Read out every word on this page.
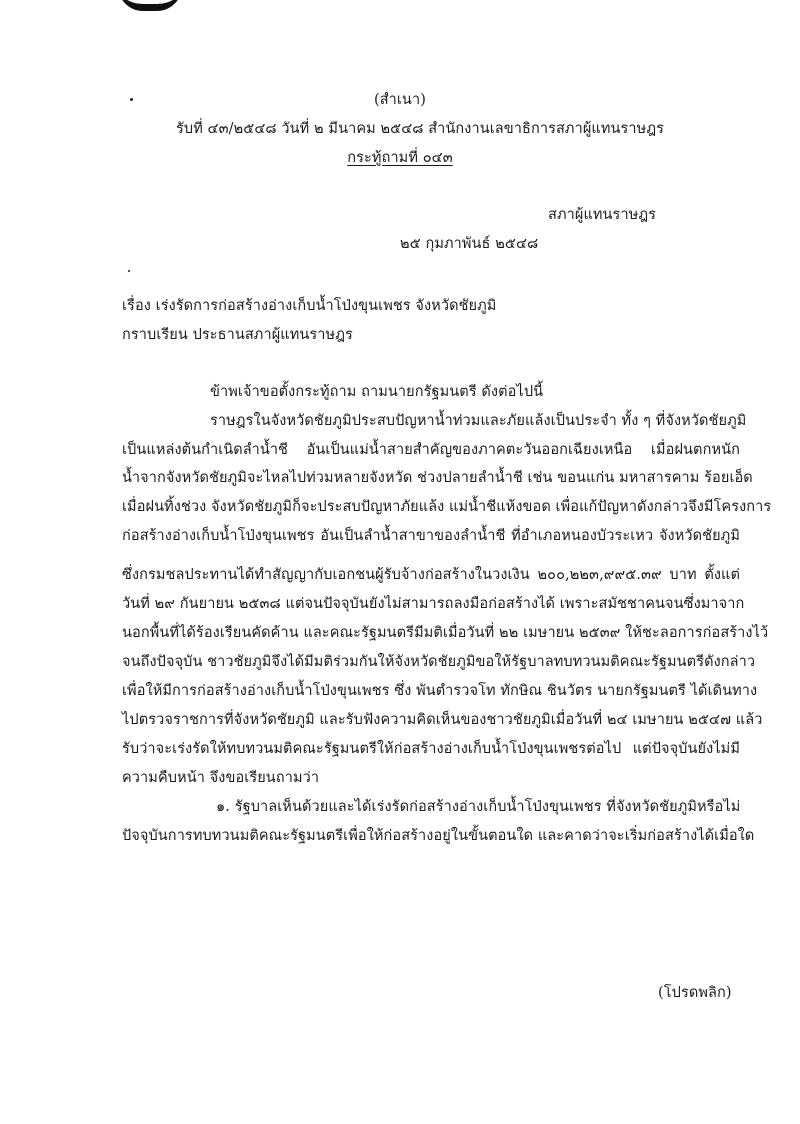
(สำเนา)
รับที่ ๔๓/๒๕๔๘ วันที่ ๒ มีนาคม ๒๕๔๘ สำนักงานเลขาธิการสภาผู้แทนราษฎร
กระทู้ถามที่ ๐๔๓
สภาผู้แทนราษฎร
๒๕ กุมภาพันธ์ ๒๕๔๘
เรื่อง เร่งรัดการก่อสร้างอ่างเก็บน้ำโป่งขุนเพชร จังหวัดชัยภูมิ
กราบเรียน ประธานสภาผู้แทนราษฎร
ข้าพเจ้าขอตั้งกระทู้ถาม ถามนายกรัฐมนตรี ดังต่อไปนี้
ราษฎรในจังหวัดชัยภูมิประสบปัญหาน้ำท่วมและภัยแล้งเป็นประจำ ทั้ง ๆ ที่จังหวัดชัยภูมิ
เป็นแหล่งต้นกำเนิดลำน้ำชี อันเป็นแม่น้ำสายสำคัญของภาคตะวันออกเฉียงเหนือ เมื่อฝนตกหนัก
น้ำจากจังหวัดชัยภูมิจะไหลไปท่วมหลายจังหวัด ช่วงปลายลำน้ำชี เช่น ขอนแก่น มหาสารคาม ร้อยเอ็ด
เมื่อฝนทิ้งช่วง จังหวัดชัยภูมิก็จะประสบปัญหาภัยแล้ง แม่น้ำชีแห้งขอด เพื่อแก้ปัญหาดังกล่าวจึงมีโครงการ
ก่อสร้างอ่างเก็บน้ำโป่งขุนเพชร อันเป็นลำน้ำสาขาของลำน้ำชี ที่อำเภอหนองบัวระเหว จังหวัดชัยภูมิ
ซึ่งกรมชลประทานได้ทำสัญญากับเอกชนผู้รับจ้างก่อสร้างในวงเงิน ๒๐๐,๒๒๓,๙๙๕.๓๙ บาท ตั้งแต่
วันที่ ๒๙ กันยายน ๒๕๓๘ แต่จนปัจจุบันยังไม่สามารถลงมือก่อสร้างได้ เพราะสมัชชาคนจนซึ่งมาจาก
นอกพื้นที่ได้ร้องเรียนคัดค้าน และคณะรัฐมนตรีมีมติเมื่อวันที่ ๒๒ เมษายน ๒๕๓๙ ให้ชะลอการก่อสร้างไว้
จนถึงปัจจุบัน ชาวชัยภูมิจึงได้มีมติร่วมกันให้จังหวัดชัยภูมิขอให้รัฐบาลทบทวนมติคณะรัฐมนตรีดังกล่าว
เพื่อให้มีการก่อสร้างอ่างเก็บน้ำโป่งขุนเพชร ซึ่ง พันตำรวจโท ทักษิณ ชินวัตร นายกรัฐมนตรี ได้เดินทาง
ไปตรวจราชการที่จังหวัดชัยภูมิ และรับฟังความคิดเห็นของชาวชัยภูมิเมื่อวันที่ ๒๔ เมษายน ๒๕๔๗ แล้ว
รับว่าจะเร่งรัดให้ทบทวนมติคณะรัฐมนตรีให้ก่อสร้างอ่างเก็บน้ำโป่งขุนเพชรต่อไป แต่ปัจจุบันยังไม่มี
ความคืบหน้า จึงขอเรียนถามว่า
๑. รัฐบาลเห็นด้วยและได้เร่งรัดก่อสร้างอ่างเก็บน้ำโป่งขุนเพชร ที่จังหวัดชัยภูมิหรือไม่
ปัจจุบันการทบทวนมติคณะรัฐมนตรีเพื่อให้ก่อสร้างอยู่ในขั้นตอนใด และคาดว่าจะเริ่มก่อสร้างได้เมื่อใด
(โปรดพลิก)
